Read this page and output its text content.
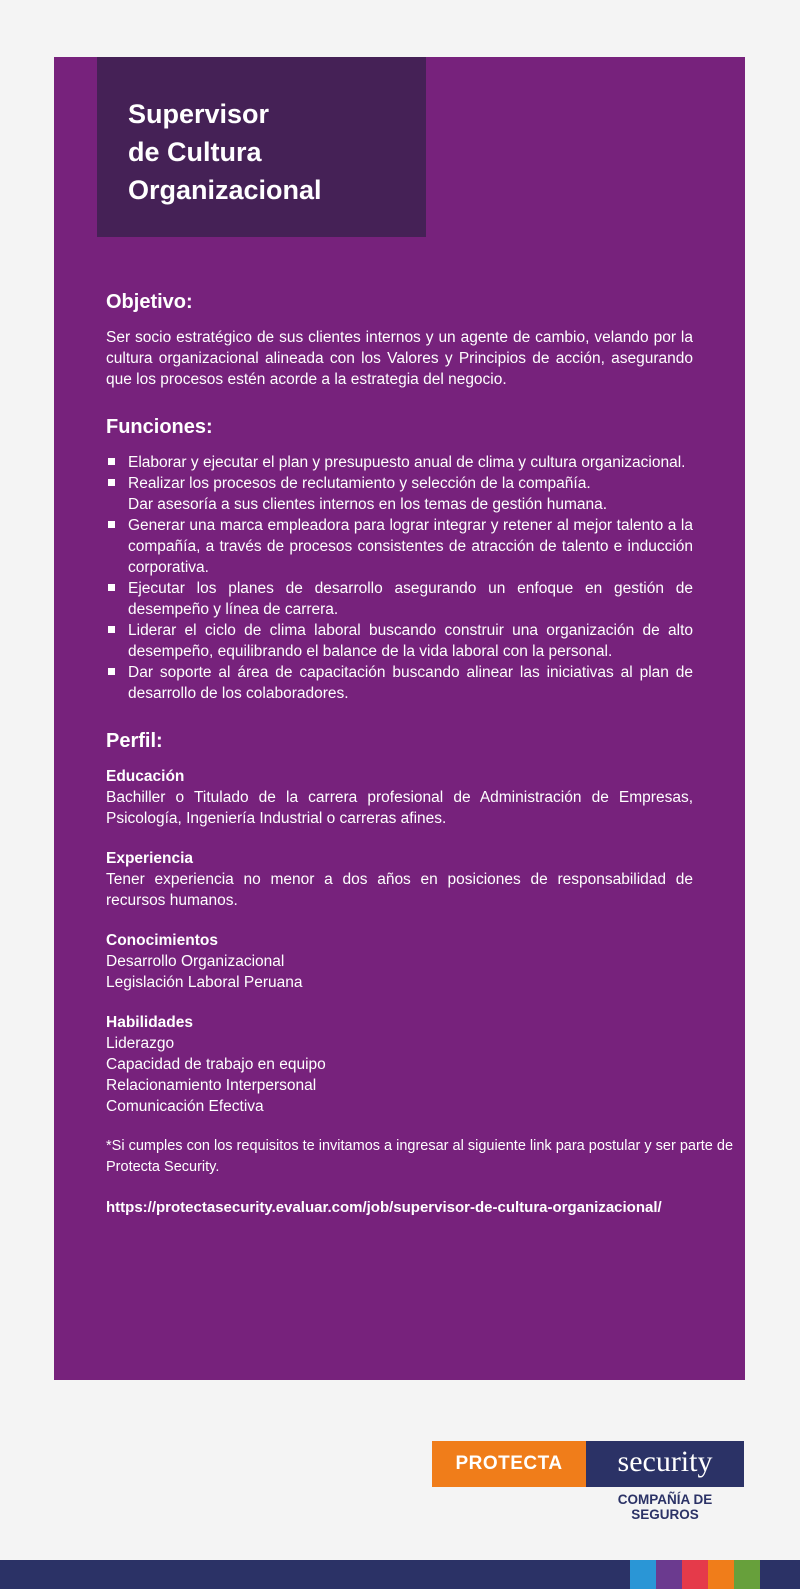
Supervisor
de Cultura
Organizacional
Objetivo:

Ser socio estratégico de sus clientes internos y un agente de cambio, velando por la cultura organizacional alineada con los Valores y Principios de acción, asegurando que los procesos estén acorde a la estrategia del negocio.

Funciones:
Elaborar y ejecutar el plan y presupuesto anual de clima y cultura organizacional.
Realizar los procesos de reclutamiento y selección de la compañía.
Dar asesoría a sus clientes internos en los temas de gestión humana.
Generar una marca empleadora para lograr integrar y retener al mejor talento a la compañía, a través de procesos consistentes de atracción de talento e inducción corporativa.
Ejecutar los planes de desarrollo asegurando un enfoque en gestión de desempeño y línea de carrera.
Liderar el ciclo de clima laboral buscando construir una organización de alto desempeño, equilibrando el balance de la vida laboral con la personal.
Dar soporte al área de capacitación buscando alinear las iniciativas al plan de desarrollo de los colaboradores.
Perfil:
Educación

Bachiller o Titulado de la carrera profesional de Administración de Empresas, Psicología, Ingeniería Industrial o carreras afines.

Experiencia

Tener experiencia no menor a dos años en posiciones de responsabilidad de recursos humanos.

Conocimientos
Desarrollo Organizacional
Legislación Laboral Peruana
Habilidades
Liderazgo
Capacidad de trabajo en equipo
Relacionamiento Interpersonal
Comunicación Efectiva

*Si cumples con los requisitos te invitamos a ingresar al siguiente link para postular y ser parte de Protecta Security.

https://protectasecurity.evaluar.com/job/supervisor-de-cultura-organizacional/
PROTECTA	security
COMPAÑÍA DE SEGUROS
